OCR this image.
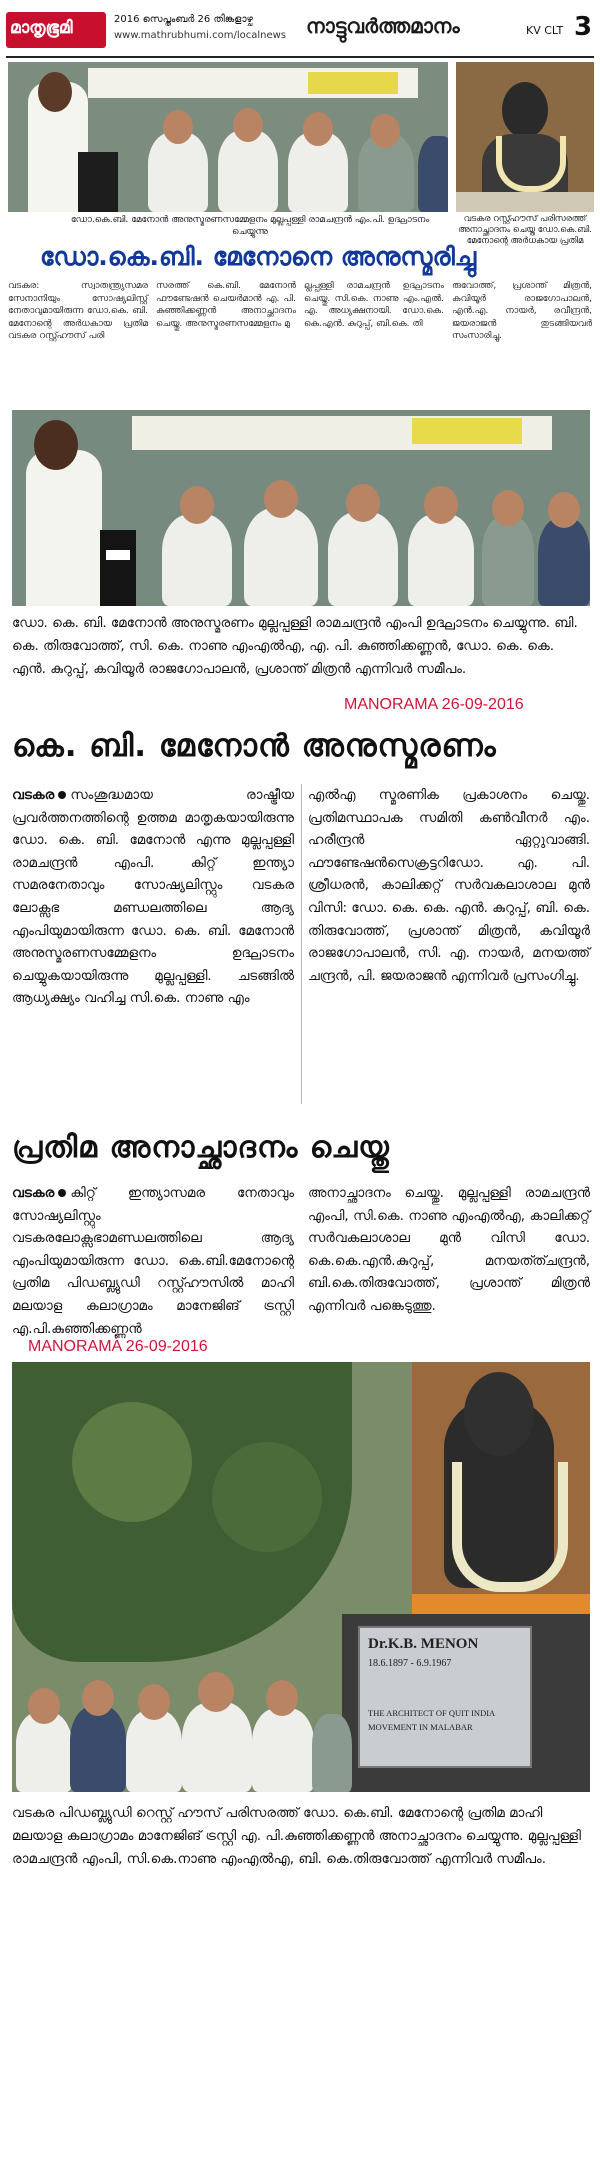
മാതൃഭൂമി	2016 സെപ്തംബർ 26 തിങ്കളാഴ്ച
www.mathrubhumi.com/localnews നാട്ടുവർത്തമാനം	KV CLT 3
ഡോ.കെ.ബി. മേനോൻ അനുസ്മരണസമ്മേളനം മുല്ലപ്പള്ളി രാമചന്ദ്രൻ എം.പി. ഉദ്ഘാടനം ചെയ്യുന്നു
വടകര റസ്റ്റ്ഹൗസ് പരിസരത്ത് അനാച്ഛാദനം ചെയ്ത ഡോ.കെ.ബി. മേനോന്റെ അർധകായ പ്രതിമ
ഡോ.കെ.ബി. മേനോനെ അനുസ്മരിച്ചു
വടകര: സ്വാതന്ത്ര്യസമര സേനാനിയും സോഷ്യലിസ്റ്റ് നേതാവുമായിരുന്ന ഡോ.കെ. ബി. മേനോന്റെ അർധകായ പ്രതിമ വടകര റസ്റ്റ്ഹൗസ് പരി
സരത്ത് കെ.ബി. മേനോൻ ഫൗണ്ടേഷൻ ചെയർമാൻ എ. പി. കുഞ്ഞിക്കണ്ണൻ അനാച്ഛാദനം ചെയ്തു. അനുസ്മരണസമ്മേളനം മു
ല്ലപ്പള്ളി രാമചന്ദ്രൻ ഉദ്ഘാടനം ചെയ്തു. സി.കെ. നാണു എം.എൽ. എ. അധ്യക്ഷനായി. ഡോ.കെ. കെ.എൻ. കുറുപ്പ്, ബി.കെ. തി
രുവോത്ത്, പ്രശാന്ത് മിത്രൻ, കവിയൂർ രാജഗോപാലൻ, എൻ.എ. നായർ, രവീന്ദ്രൻ, ജയരാജൻ തുടങ്ങിയവർ സംസാരിച്ചു.
ഡോ. കെ. ബി. മേനോൻ അനുസ്മരണം മുല്ലപ്പള്ളി രാമചന്ദ്രൻ എംപി ഉദ്ഘാടനം ചെയ്യുന്നു. ബി. കെ. തിരുവോത്ത്, സി. കെ. നാണു എംഎൽഎ, എ. പി. കുഞ്ഞിക്കണ്ണൻ, ഡോ. കെ. കെ. എൻ. കുറുപ്പ്, കവിയൂർ രാജഗോപാലൻ, പ്രശാന്ത് മിത്രൻ എന്നിവർ സമീപം.
MANORAMA 26-09-2016
കെ. ബി. മേനോൻ അനുസ്മരണം
വടകര സംശുദ്ധമായ രാഷ്ട്രീയ പ്രവർത്തനത്തിന്റെ ഉത്തമ മാതൃകയായിരുന്നു ഡോ. കെ. ബി. മേനോൻ എന്നു മുല്ലപ്പള്ളി രാമചന്ദ്രൻ എംപി. കിറ്റ് ഇന്ത്യാ സമരനേതാവും സോഷ്യലിസ്റ്റും വടകര ലോക്സഭ മണ്ഡലത്തിലെ ആദ്യ എംപിയുമായിരുന്ന ഡോ. കെ. ബി. മേനോൻ അനുസ്മരണസമ്മേളനം ഉദ്ഘാടനം ചെയ്യുകയായിരുന്നു മുല്ലപ്പള്ളി. ചടങ്ങിൽ ആധ്യക്ഷ്യം വഹിച്ച സി.കെ. നാണു എം
എൽഎ സ്മരണിക പ്രകാശനം ചെയ്തു. പ്രതിമസ്ഥാപക സമിതി കൺവീനർ എം. ഹരീന്ദ്രൻ ഏറ്റുവാങ്ങി. ഫൗണ്ടേഷൻസെക്രട്ടറിഡോ. എ. പി. ശ്രീധരൻ, കാലിക്കറ്റ് സർവകലാശാല മുൻ വിസി: ഡോ. കെ. കെ. എൻ. കുറുപ്പ്, ബി. കെ. തിരുവോത്ത്, പ്രശാന്ത് മിത്രൻ, കവിയൂർ രാജഗോപാലൻ, സി. എ. നായർ, മനയത്ത് ചന്ദ്രൻ, പി. ജയരാജൻ എന്നിവർ പ്രസംഗിച്ചു.
പ്രതിമ അനാച്ഛാദനം ചെയ്തു
വടകര കിറ്റ് ഇന്ത്യാസമര നേതാവും സോഷ്യലിസ്റ്റും വടകരലോക്സഭാമണ്ഡലത്തിലെ ആദ്യ എംപിയുമായിരുന്ന ഡോ. കെ.ബി.മേനോന്റെ പ്രതിമ പിഡബ്ല്യുഡി റസ്റ്റ്ഹൗസിൽ മാഹി മലയാള കലാഗ്രാമം മാനേജിങ് ട്രസ്റ്റി എ.പി.കുഞ്ഞിക്കണ്ണൻ
അനാച്ഛാദനം ചെയ്തു. മുല്ലപ്പള്ളി രാമചന്ദ്രൻ എംപി, സി.കെ. നാണു എംഎൽഎ, കാലിക്കറ്റ് സർവകലാശാല മുൻ വിസി ഡോ. കെ.കെ.എൻ.കുറുപ്പ്, മനയത്ത്ചന്ദ്രൻ, ബി.കെ.തിരുവോത്ത്, പ്രശാന്ത് മിത്രൻ എന്നിവർ പങ്കെടുത്തു.
MANORAMA 26-09-2016
Dr.K.B. MENON
18.6.1897 - 6.9.1967
THE ARCHITECT OF QUIT INDIA
MOVEMENT IN MALABAR
വടകര പിഡബ്ല്യുഡി റെസ്റ്റ് ഹൗസ് പരിസരത്ത് ഡോ. കെ.ബി. മേനോന്റെ പ്രതിമ മാഹി മലയാള കലാഗ്രാമം മാനേജിങ് ട്രസ്റ്റി എ. പി.കുഞ്ഞിക്കണ്ണൻ അനാച്ഛാദനം ചെയ്യുന്നു. മുല്ലപ്പള്ളി രാമചന്ദ്രൻ എംപി, സി.കെ.നാണു എംഎൽഎ, ബി. കെ.തിരുവോത്ത് എന്നിവർ സമീപം.
